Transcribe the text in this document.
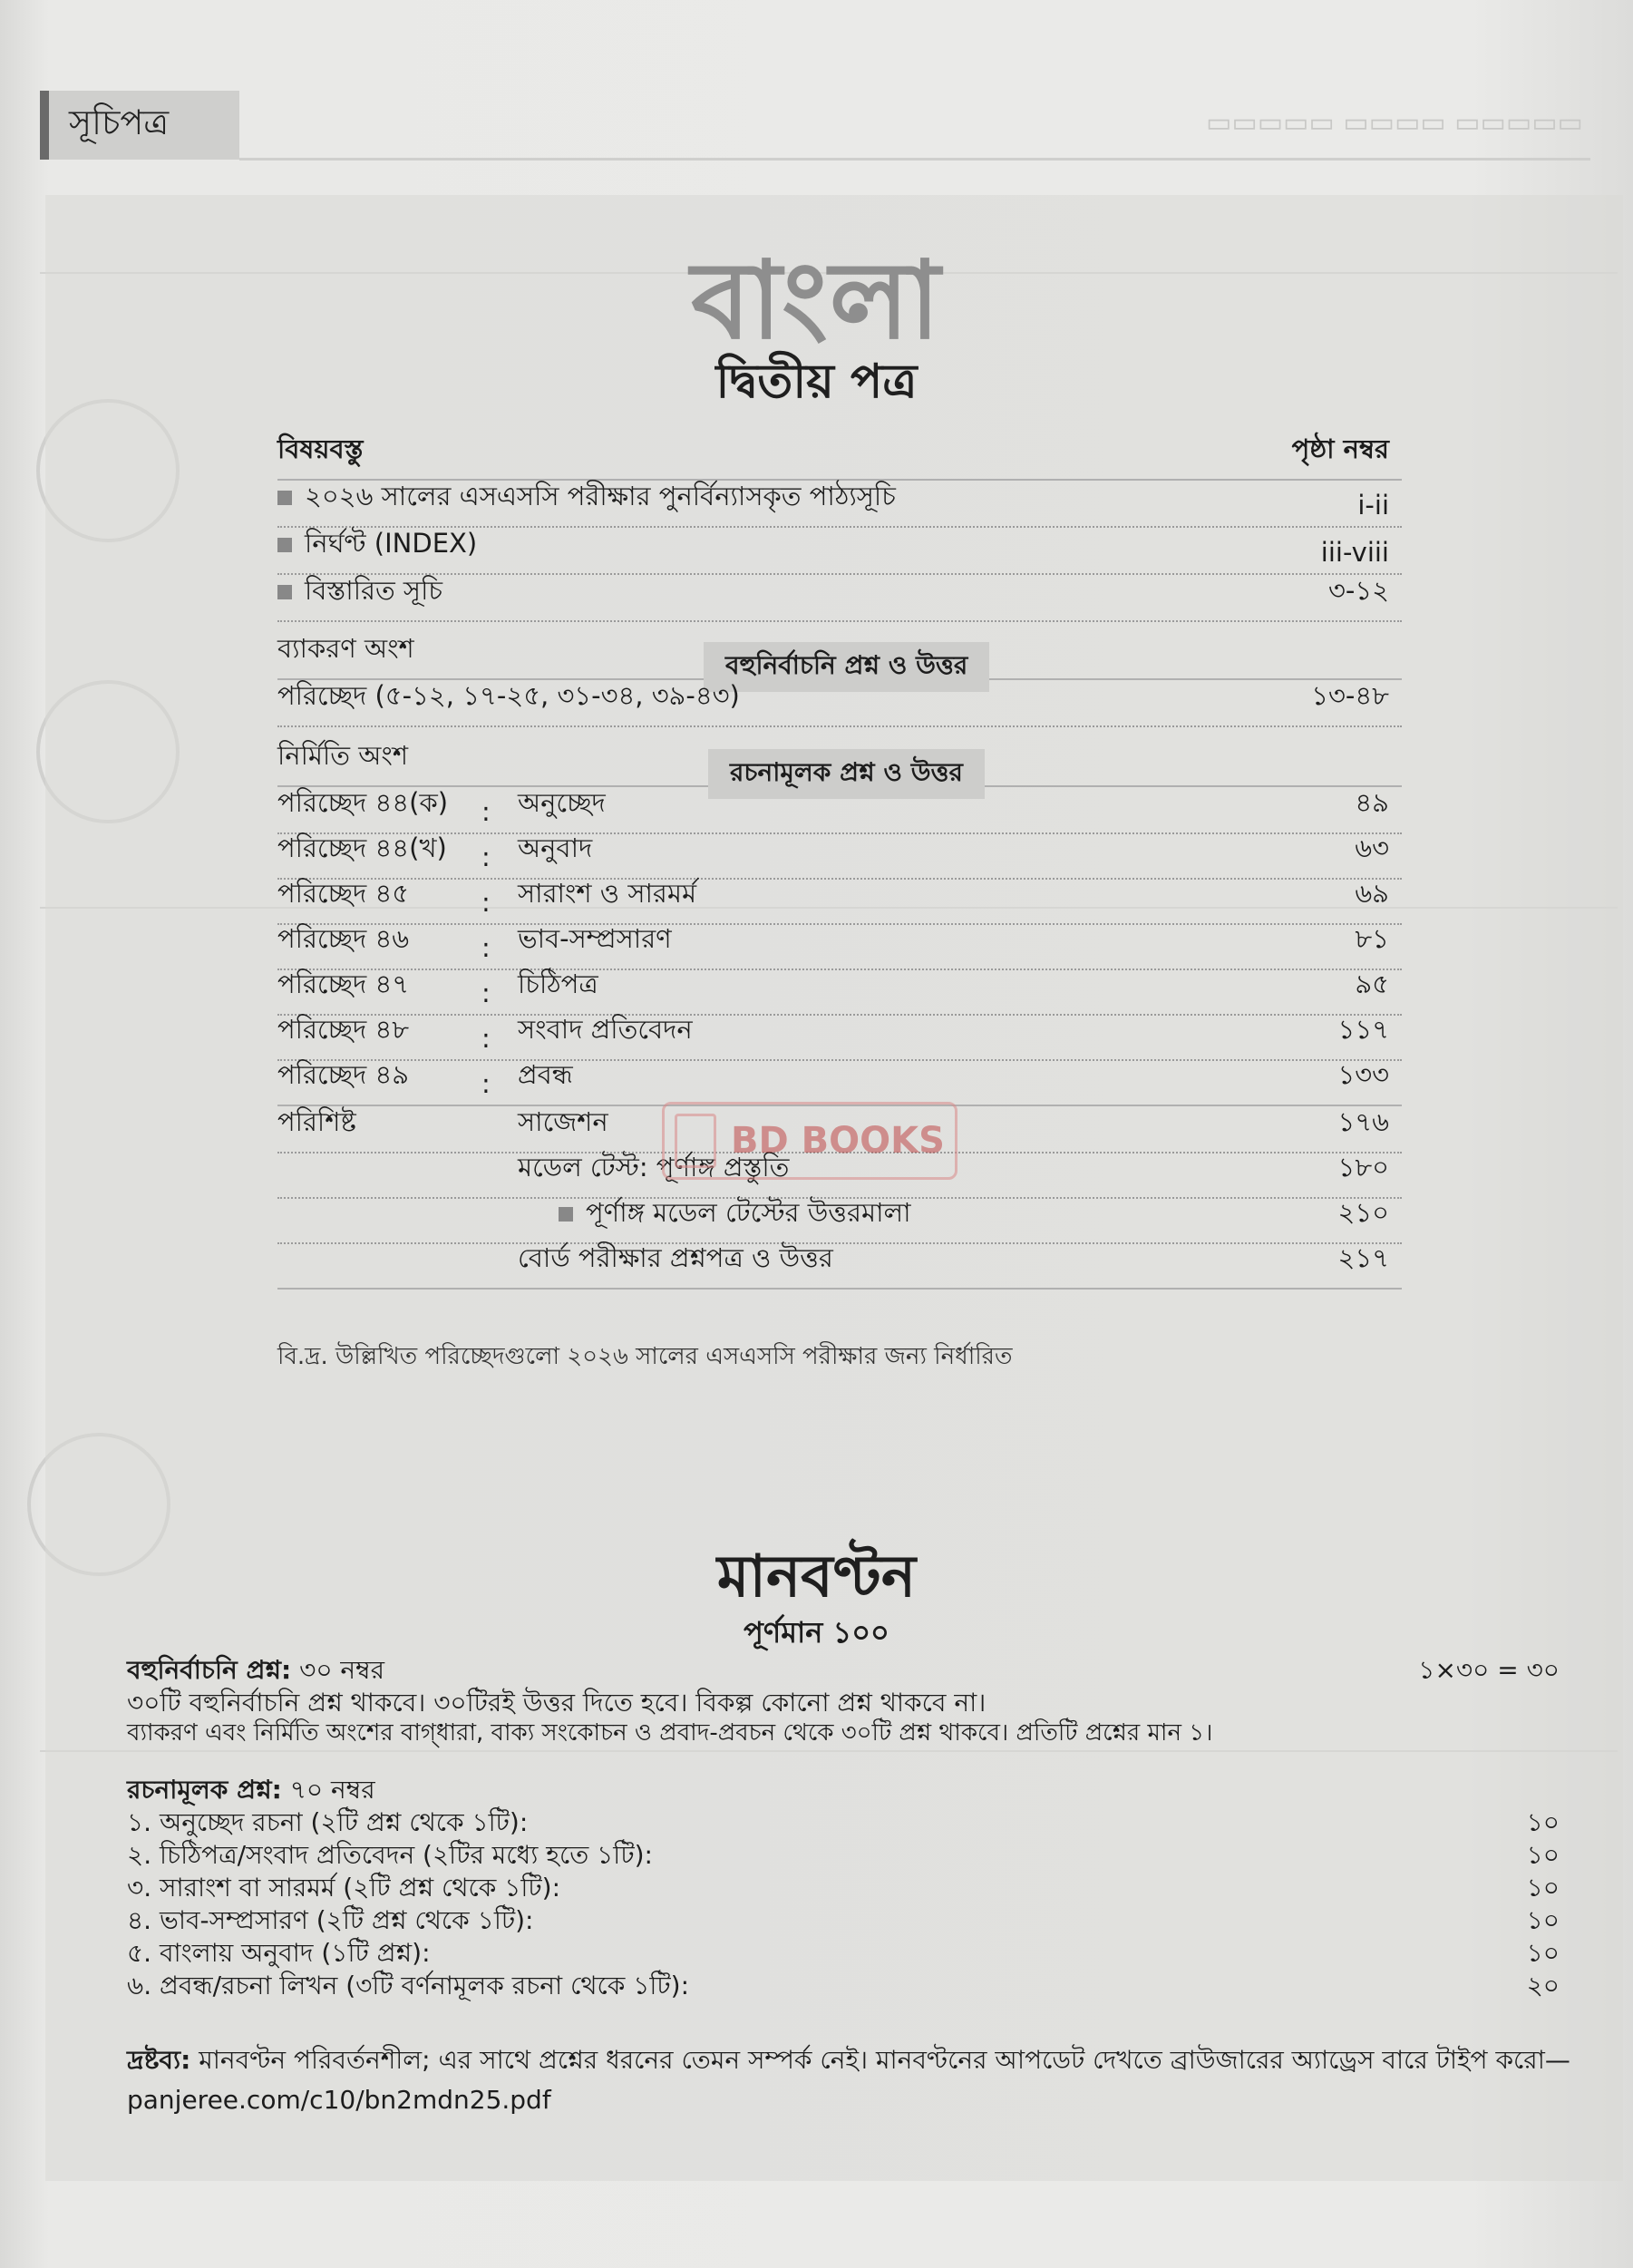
▭▭▭▭▭ ▭▭▭▭ ▭▭▭▭▭
সূচিপত্র
বাংলা
দ্বিতীয় পত্র
বিষয়বস্তু	পৃষ্ঠা নম্বর
২০২৬ সালের এসএসসি পরীক্ষার পুনর্বিন্যাসকৃত পাঠ্যসূচি	i-ii
নির্ঘণ্ট (INDEX)	iii-viii
বিস্তারিত সূচি	৩-১২
ব্যাকরণ অংশ
বহুনির্বাচনি প্রশ্ন ও উত্তর
পরিচ্ছেদ (৫-১২, ১৭-২৫, ৩১-৩৪, ৩৯-৪৩)	১৩-৪৮
নির্মিতি অংশ
রচনামূলক প্রশ্ন ও উত্তর
পরিচ্ছেদ ৪৪(ক) : অনুচ্ছেদ	৪৯
পরিচ্ছেদ ৪৪(খ) : অনুবাদ	৬৩
পরিচ্ছেদ ৪৫	: সারাংশ ও সারমর্ম	৬৯
পরিচ্ছেদ ৪৬	: ভাব-সম্প্রসারণ	৮১
পরিচ্ছেদ ৪৭	: চিঠিপত্র	৯৫
পরিচ্ছেদ ৪৮	: সংবাদ প্রতিবেদন	১১৭
পরিচ্ছেদ ৪৯	: প্রবন্ধ	১৩৩
পরিশিষ্ট	সাজেশন	১৭৬
মডেল টেস্ট: পূর্ণাঙ্গ প্রস্তুতি	১৮০
পূর্ণাঙ্গ মডেল টেস্টের উত্তরমালা	২১০
বোর্ড পরীক্ষার প্রশ্নপত্র ও উত্তর	২১৭
BD BOOKS
বি.দ্র. উল্লিখিত পরিচ্ছেদগুলো ২০২৬ সালের এসএসসি পরীক্ষার জন্য নির্ধারিত
মানবণ্টন
পূর্ণমান ১০০
বহুনির্বাচনি প্রশ্ন: ৩০ নম্বর	১×৩০ = ৩০
৩০টি বহুনির্বাচনি প্রশ্ন থাকবে। ৩০টিরই উত্তর দিতে হবে। বিকল্প কোনো প্রশ্ন থাকবে না।
ব্যাকরণ এবং নির্মিতি অংশের বাগ্‌ধারা, বাক্য সংকোচন ও প্রবাদ-প্রবচন থেকে ৩০টি প্রশ্ন থাকবে। প্রতিটি প্রশ্নের মান ১।
রচনামূলক প্রশ্ন: ৭০ নম্বর
১. অনুচ্ছেদ রচনা (২টি প্রশ্ন থেকে ১টি):	১০
২. চিঠিপত্র/সংবাদ প্রতিবেদন (২টির মধ্যে হতে ১টি):	১০
৩. সারাংশ বা সারমর্ম (২টি প্রশ্ন থেকে ১টি):	১০
৪. ভাব-সম্প্রসারণ (২টি প্রশ্ন থেকে ১টি):	১০
৫. বাংলায় অনুবাদ (১টি প্রশ্ন):	১০
৬. প্রবন্ধ/রচনা লিখন (৩টি বর্ণনামূলক রচনা থেকে ১টি):	২০
দ্রষ্টব্য: মানবণ্টন পরিবর্তনশীল; এর সাথে প্রশ্নের ধরনের তেমন সম্পর্ক নেই। মানবণ্টনের আপডেট দেখতে ব্রাউজারের অ্যাড্রেস বারে টাইপ করো— panjeree.com/c10/bn2mdn25.pdf
